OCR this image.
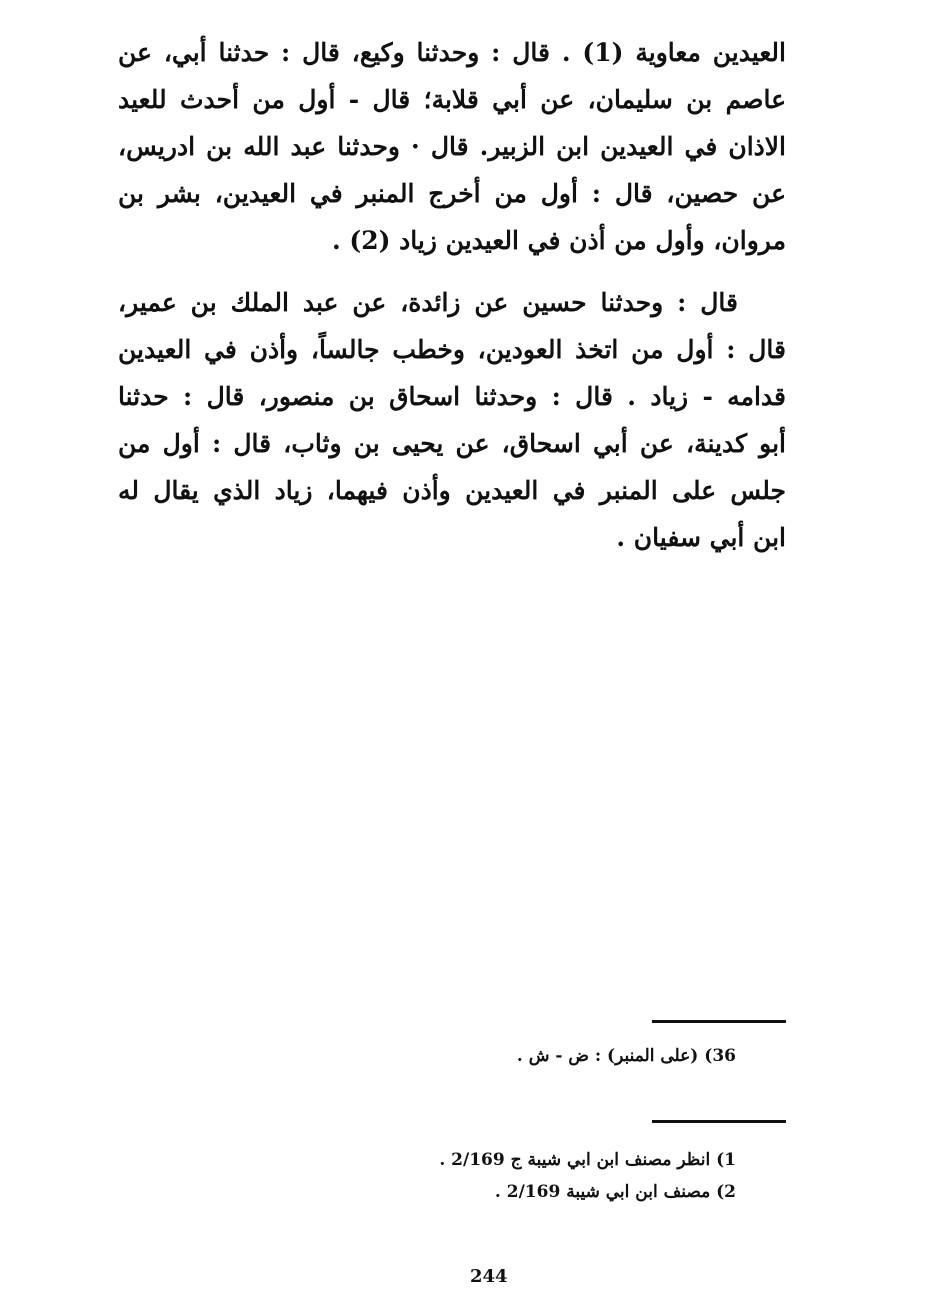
العيدين معاوية (1) . قال : وحدثنا وكيع، قال : حدثنا أبي، عن
عاصم بن سليمان، عن أبي قلابة؛ قال - أول من أحدث للعيد
الاذان في العيدين ابن الزبير. قال · وحدثنا عبد الله بن ادريس،
عن حصين، قال : أول من أخرج المنبر في العيدين، بشر بن
مروان، وأول من أذن في العيدين زياد (2) .
قال : وحدثنا حسين عن زائدة، عن عبد الملك بن عمير،
قال : أول من اتخذ العودين، وخطب جالساً، وأذن في العيدين
قدامه - زياد . قال : وحدثنا اسحاق بن منصور، قال : حدثنا
أبو كدينة، عن أبي اسحاق، عن يحيى بن وثاب، قال : أول من
جلس على المنبر في العيدين وأذن فيهما، زياد الذي يقال له
ابن أبي سفيان .
36) (على المنبر) : ض - ش .
1) انظر مصنف ابن ابي شيبة ج 2/169 .
2) مصنف ابن ابي شيبة 2/169 .
244
